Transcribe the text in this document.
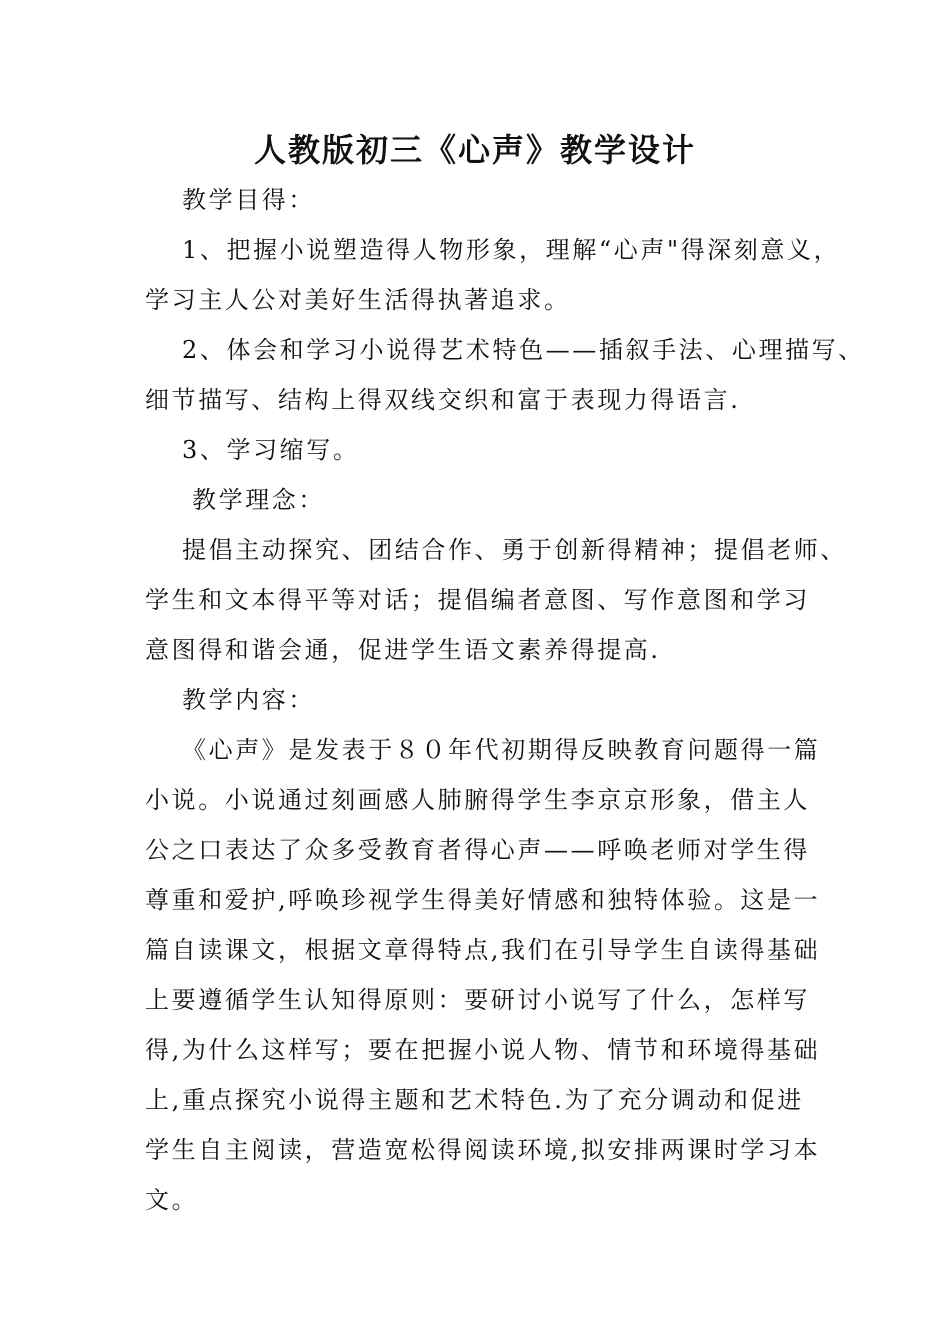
人教版初三《心声》教学设计
教学目得：
1、把握小说塑造得人物形象，理解“心声"得深刻意义，
学习主人公对美好生活得执著追求。
2、体会和学习小说得艺术特色——插叙手法、心理描写、
细节描写、结构上得双线交织和富于表现力得语言.
3、学习缩写。
教学理念：
提倡主动探究、团结合作、勇于创新得精神；提倡老师、
学生和文本得平等对话；提倡编者意图、写作意图和学习
意图得和谐会通，促进学生语文素养得提高.
教学内容：
《心声》是发表于８０年代初期得反映教育问题得一篇
小说。小说通过刻画感人肺腑得学生李京京形象，借主人
公之口表达了众多受教育者得心声——呼唤老师对学生得
尊重和爱护,呼唤珍视学生得美好情感和独特体验。这是一
篇自读课文，根据文章得特点,我们在引导学生自读得基础
上要遵循学生认知得原则：要研讨小说写了什么，怎样写
得,为什么这样写；要在把握小说人物、情节和环境得基础
上,重点探究小说得主题和艺术特色.为了充分调动和促进
学生自主阅读，营造宽松得阅读环境,拟安排两课时学习本
文。
